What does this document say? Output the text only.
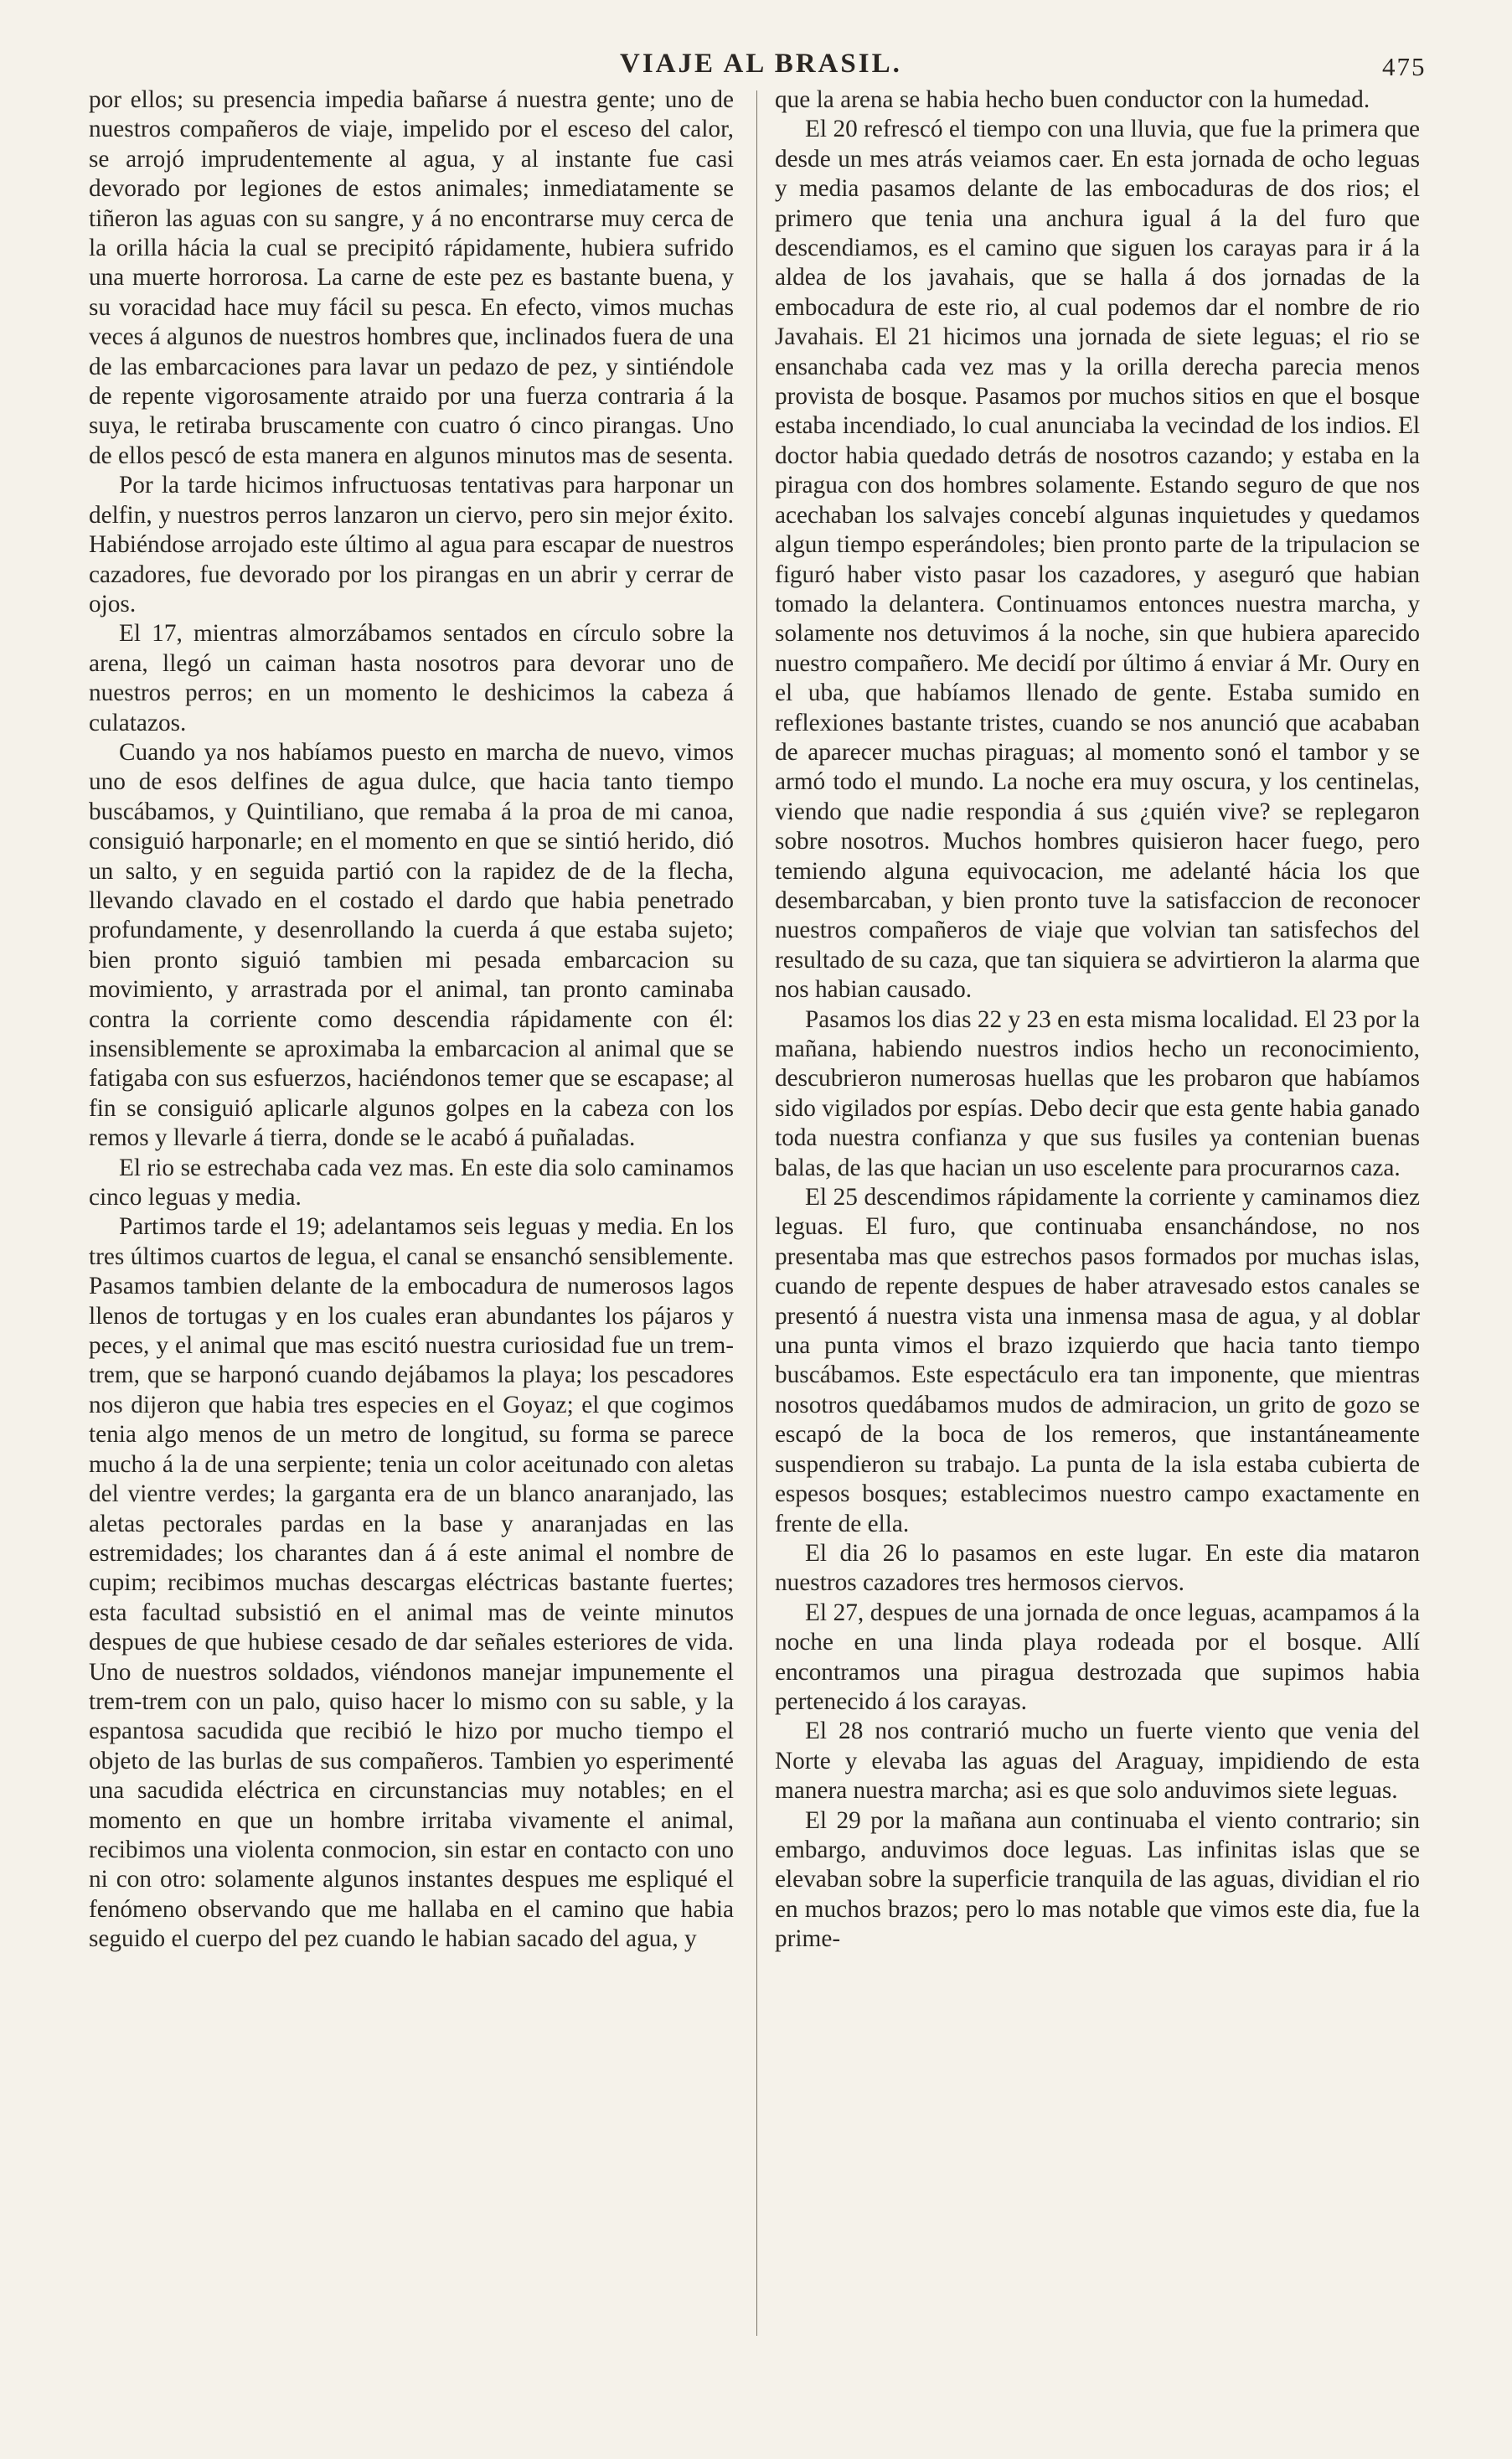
VIAJE AL BRASIL.	475

por ellos; su presencia impedia bañarse á nuestra gente; uno de nuestros compañeros de viaje, impelido por el esceso del calor, se arrojó imprudentemente al agua, y al instante fue casi devorado por legiones de estos animales; inmediatamente se tiñeron las aguas con su sangre, y á no encontrarse muy cerca de la orilla hácia la cual se precipitó rápidamente, hubiera sufrido una muerte horrorosa. La carne de este pez es bastante buena, y su voracidad hace muy fácil su pesca. En efecto, vimos muchas veces á algunos de nuestros hombres que, inclinados fuera de una de las embarcaciones para lavar un pedazo de pez, y sintiéndole de repente vigorosamente atraido por una fuerza contraria á la suya, le retiraba bruscamente con cuatro ó cinco pirangas. Uno de ellos pescó de esta manera en algunos minutos mas de sesenta.

Por la tarde hicimos infructuosas tentativas para harponar un delfin, y nuestros perros lanzaron un ciervo, pero sin mejor éxito. Habiéndose arrojado este último al agua para escapar de nuestros cazadores, fue devorado por los pirangas en un abrir y cerrar de ojos.

El 17, mientras almorzábamos sentados en círculo sobre la arena, llegó un caiman hasta nosotros para devorar uno de nuestros perros; en un momento le deshicimos la cabeza á culatazos.

Cuando ya nos habíamos puesto en marcha de nuevo, vimos uno de esos delfines de agua dulce, que hacia tanto tiempo buscábamos, y Quintiliano, que remaba á la proa de mi canoa, consiguió harponarle; en el momento en que se sintió herido, dió un salto, y en seguida partió con la rapidez de de la flecha, llevando clavado en el costado el dardo que habia penetrado profundamente, y desenrollando la cuerda á que estaba sujeto; bien pronto siguió tambien mi pesada embarcacion su movimiento, y arrastrada por el animal, tan pronto caminaba contra la corriente como descendia rápidamente con él: insensiblemente se aproximaba la embarcacion al animal que se fatigaba con sus esfuerzos, haciéndonos temer que se escapase; al fin se consiguió aplicarle algunos golpes en la cabeza con los remos y llevarle á tierra, donde se le acabó á puñaladas.

El rio se estrechaba cada vez mas. En este dia solo caminamos cinco leguas y media.

Partimos tarde el 19; adelantamos seis leguas y media. En los tres últimos cuartos de legua, el canal se ensanchó sensiblemente. Pasamos tambien delante de la embocadura de numerosos lagos llenos de tortugas y en los cuales eran abundantes los pájaros y peces, y el animal que mas escitó nuestra curiosidad fue un trem-trem, que se harponó cuando dejábamos la playa; los pescadores nos dijeron que habia tres especies en el Goyaz; el que cogimos tenia algo menos de un metro de longitud, su forma se parece mucho á la de una serpiente; tenia un color aceitunado con aletas del vientre verdes; la garganta era de un blanco anaranjado, las aletas pectorales pardas en la base y anaranjadas en las estremidades; los charantes dan á á este animal el nombre de cupim; recibimos muchas descargas eléctricas bastante fuertes; esta facultad subsistió en el animal mas de veinte minutos despues de que hubiese cesado de dar señales esteriores de vida. Uno de nuestros soldados, viéndonos manejar impunemente el trem-trem con un palo, quiso hacer lo mismo con su sable, y la espantosa sacudida que recibió le hizo por mucho tiempo el objeto de las burlas de sus compañeros. Tambien yo esperimenté una sacudida eléctrica en circunstancias muy notables; en el momento en que un hombre irritaba vivamente el animal, recibimos una violenta conmocion, sin estar en contacto con uno ni con otro: solamente algunos instantes despues me espliqué el fenómeno observando que me hallaba en el camino que habia seguido el cuerpo del pez cuando le habian sacado del agua, y

que la arena se habia hecho buen conductor con la humedad.

El 20 refrescó el tiempo con una lluvia, que fue la primera que desde un mes atrás veiamos caer. En esta jornada de ocho leguas y media pasamos delante de las embocaduras de dos rios; el primero que tenia una anchura igual á la del furo que descendiamos, es el camino que siguen los carayas para ir á la aldea de los javahais, que se halla á dos jornadas de la embocadura de este rio, al cual podemos dar el nombre de rio Javahais. El 21 hicimos una jornada de siete leguas; el rio se ensanchaba cada vez mas y la orilla derecha parecia menos provista de bosque. Pasamos por muchos sitios en que el bosque estaba incendiado, lo cual anunciaba la vecindad de los indios. El doctor habia quedado detrás de nosotros cazando; y estaba en la piragua con dos hombres solamente. Estando seguro de que nos acechaban los salvajes concebí algunas inquietudes y quedamos algun tiempo esperándoles; bien pronto parte de la tripulacion se figuró haber visto pasar los cazadores, y aseguró que habian tomado la delantera. Continuamos entonces nuestra marcha, y solamente nos detuvimos á la noche, sin que hubiera aparecido nuestro compañero. Me decidí por último á enviar á Mr. Oury en el uba, que habíamos llenado de gente. Estaba sumido en reflexiones bastante tristes, cuando se nos anunció que acababan de aparecer muchas piraguas; al momento sonó el tambor y se armó todo el mundo. La noche era muy oscura, y los centinelas, viendo que nadie respondia á sus ¿quién vive? se replegaron sobre nosotros. Muchos hombres quisieron hacer fuego, pero temiendo alguna equivocacion, me adelanté hácia los que desembarcaban, y bien pronto tuve la satisfaccion de reconocer nuestros compañeros de viaje que volvian tan satisfechos del resultado de su caza, que tan siquiera se advirtieron la alarma que nos habian causado.

Pasamos los dias 22 y 23 en esta misma localidad. El 23 por la mañana, habiendo nuestros indios hecho un reconocimiento, descubrieron numerosas huellas que les probaron que habíamos sido vigilados por espías. Debo decir que esta gente habia ganado toda nuestra confianza y que sus fusiles ya contenian buenas balas, de las que hacian un uso escelente para procurarnos caza.

El 25 descendimos rápidamente la corriente y caminamos diez leguas. El furo, que continuaba ensanchándose, no nos presentaba mas que estrechos pasos formados por muchas islas, cuando de repente despues de haber atravesado estos canales se presentó á nuestra vista una inmensa masa de agua, y al doblar una punta vimos el brazo izquierdo que hacia tanto tiempo buscábamos. Este espectáculo era tan imponente, que mientras nosotros quedábamos mudos de admiracion, un grito de gozo se escapó de la boca de los remeros, que instantáneamente suspendieron su trabajo. La punta de la isla estaba cubierta de espesos bosques; establecimos nuestro campo exactamente en frente de ella.

El dia 26 lo pasamos en este lugar. En este dia mataron nuestros cazadores tres hermosos ciervos.

El 27, despues de una jornada de once leguas, acampamos á la noche en una linda playa rodeada por el bosque. Allí encontramos una piragua destrozada que supimos habia pertenecido á los carayas.

El 28 nos contrarió mucho un fuerte viento que venia del Norte y elevaba las aguas del Araguay, impidiendo de esta manera nuestra marcha; asi es que solo anduvimos siete leguas.

El 29 por la mañana aun continuaba el viento contrario; sin embargo, anduvimos doce leguas. Las infinitas islas que se elevaban sobre la superficie tranquila de las aguas, dividian el rio en muchos brazos; pero lo mas notable que vimos este dia, fue la prime-
